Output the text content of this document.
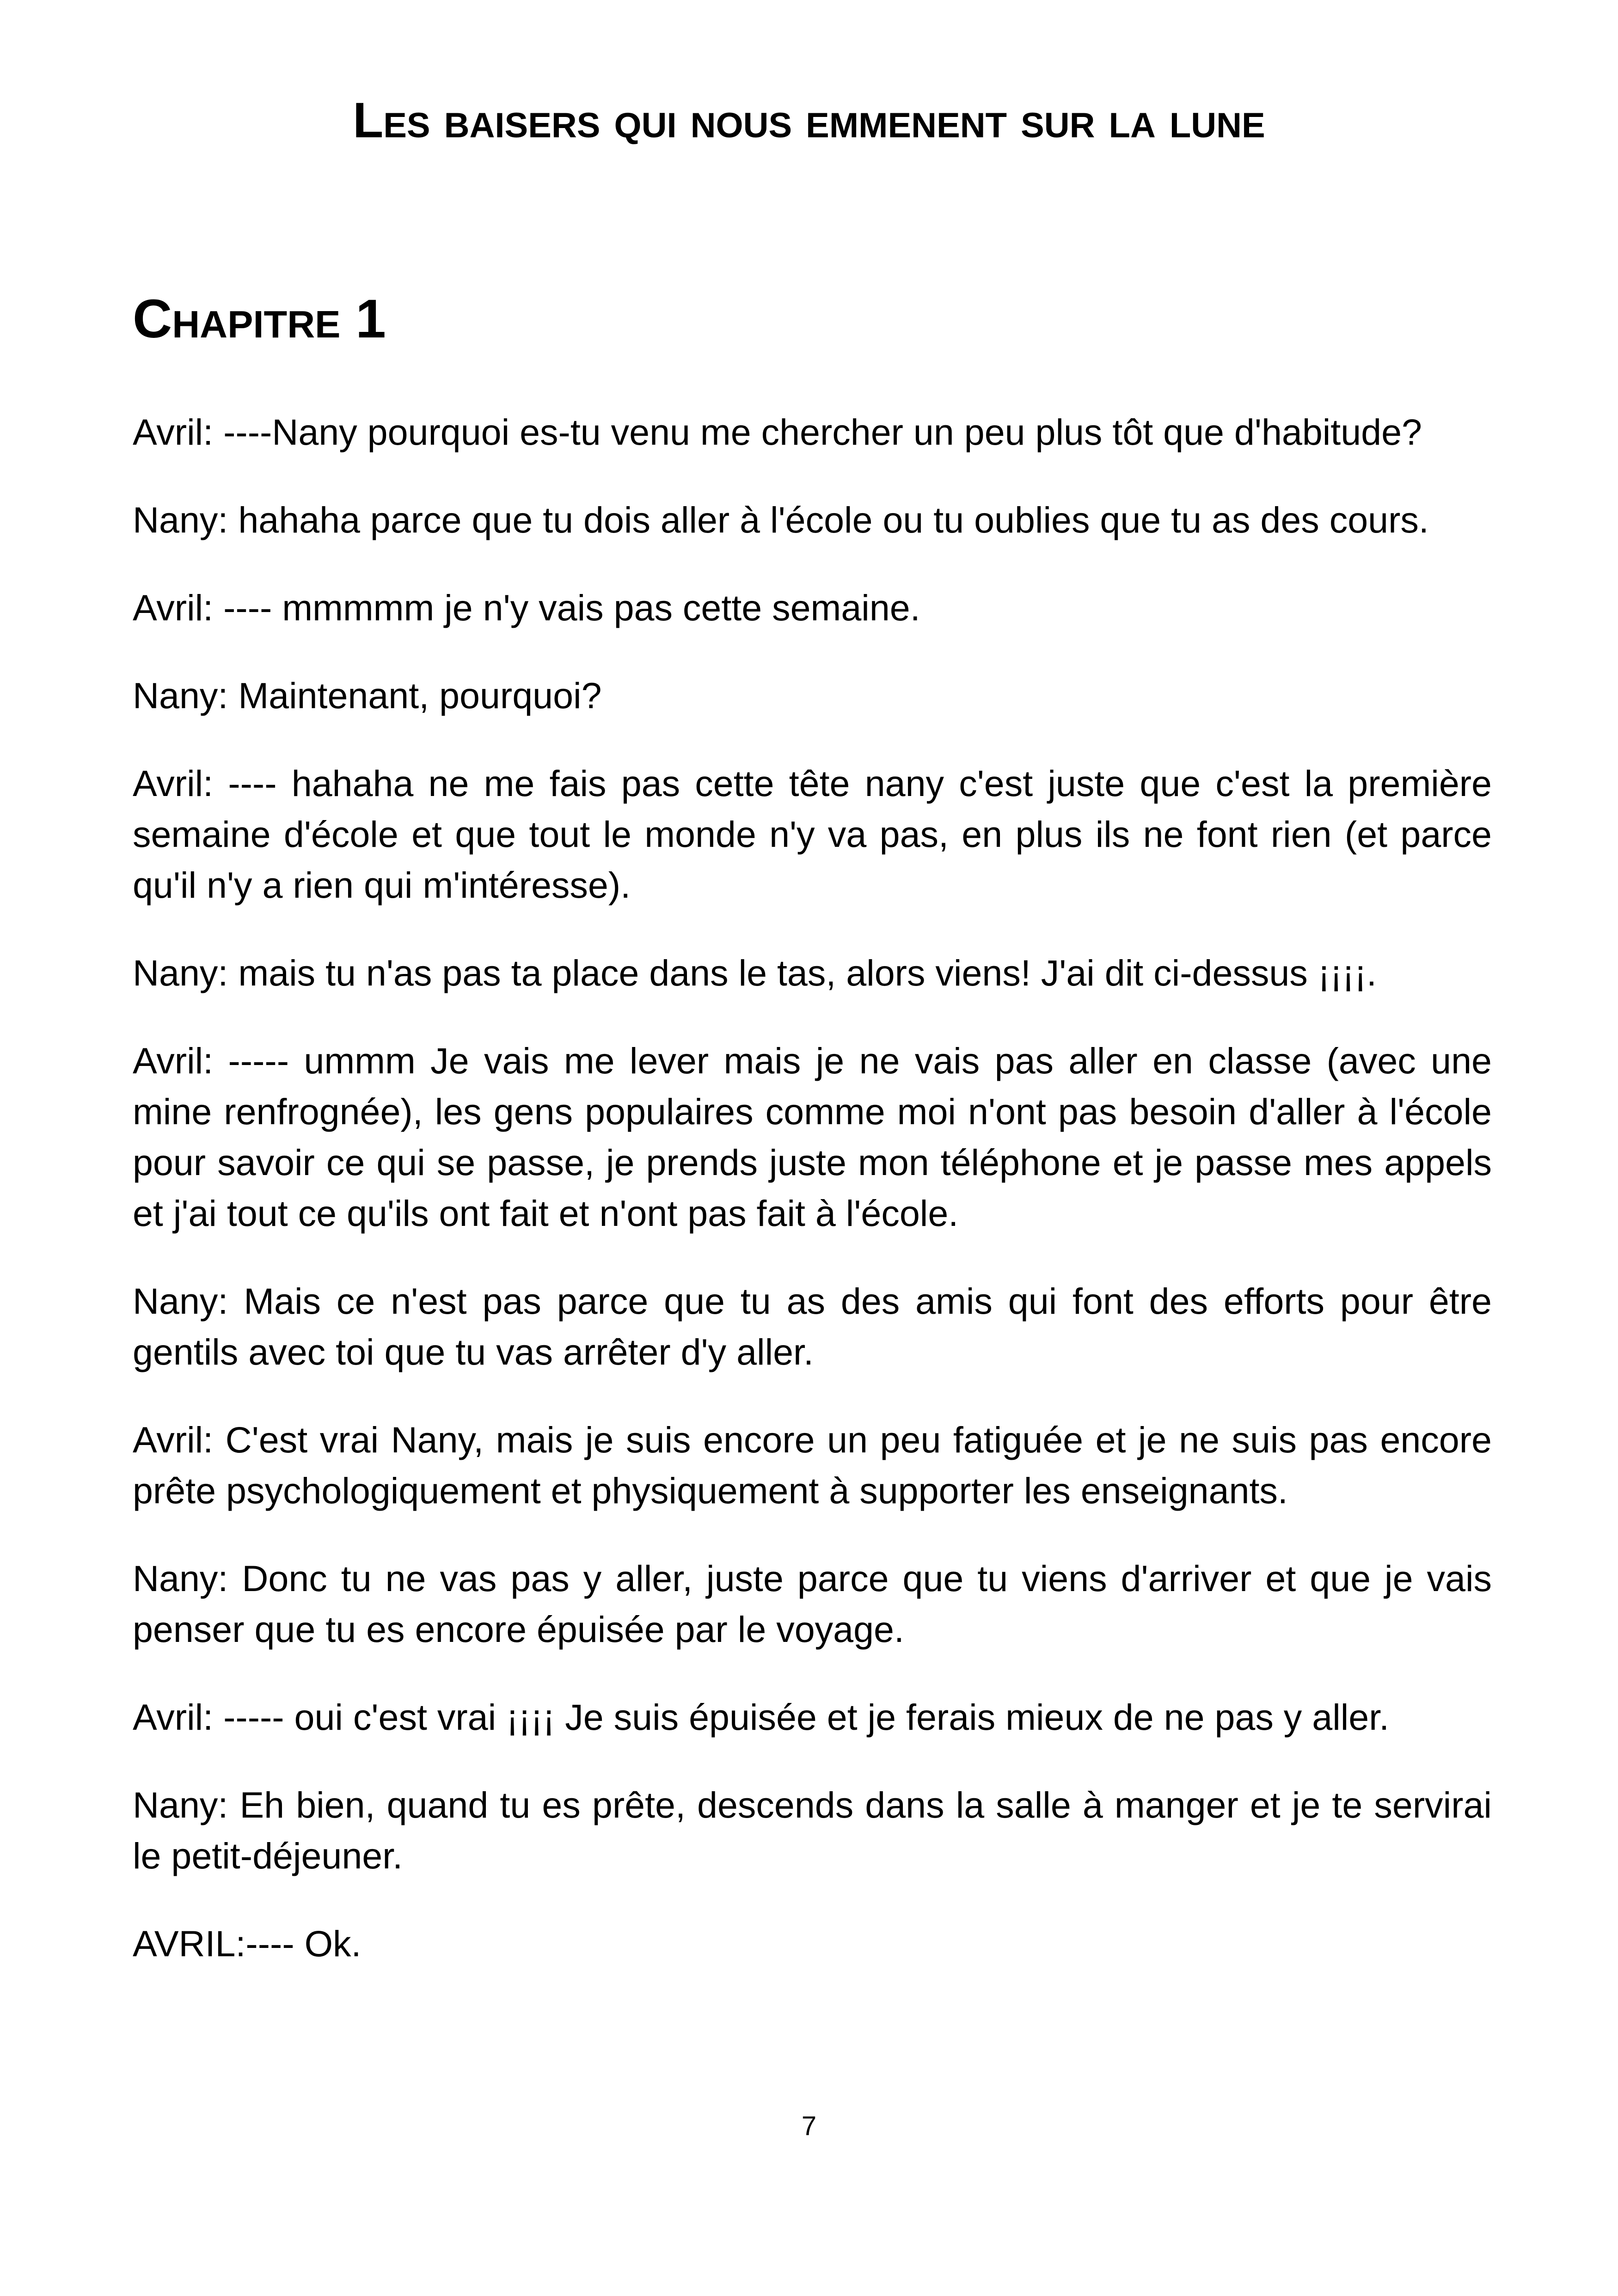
Les baisers qui nous emmenent sur la lune
Chapitre 1

Avril: ----Nany pourquoi es-tu venu me chercher un peu plus tôt que d'habitude?

Nany: hahaha parce que tu dois aller à l'école ou tu oublies que tu as des cours.

Avril: ---- mmmmm je n'y vais pas cette semaine.

Nany: Maintenant, pourquoi?

Avril: ---- hahaha ne me fais pas cette tête nany c'est juste que c'est la première semaine d'école et que tout le monde n'y va pas, en plus ils ne font rien (et parce qu'il n'y a rien qui m'intéresse).

Nany: mais tu n'as pas ta place dans le tas, alors viens! J'ai dit ci-dessus ¡¡¡¡.

Avril: ----- ummm Je vais me lever mais je ne vais pas aller en classe (avec une mine renfrognée), les gens populaires comme moi n'ont pas besoin d'aller à l'école pour savoir ce qui se passe, je prends juste mon téléphone et je passe mes appels et j'ai tout ce qu'ils ont fait et n'ont pas fait à l'école.

Nany: Mais ce n'est pas parce que tu as des amis qui font des efforts pour être gentils avec toi que tu vas arrêter d'y aller.

Avril: C'est vrai Nany, mais je suis encore un peu fatiguée et je ne suis pas encore prête psychologiquement et physiquement à supporter les enseignants.

Nany: Donc tu ne vas pas y aller, juste parce que tu viens d'arriver et que je vais penser que tu es encore épuisée par le voyage.

Avril: ----- oui c'est vrai ¡¡¡¡ Je suis épuisée et je ferais mieux de ne pas y aller.

Nany: Eh bien, quand tu es prête, descends dans la salle à manger et je te servirai le petit-déjeuner.

AVRIL:---- Ok.

7
